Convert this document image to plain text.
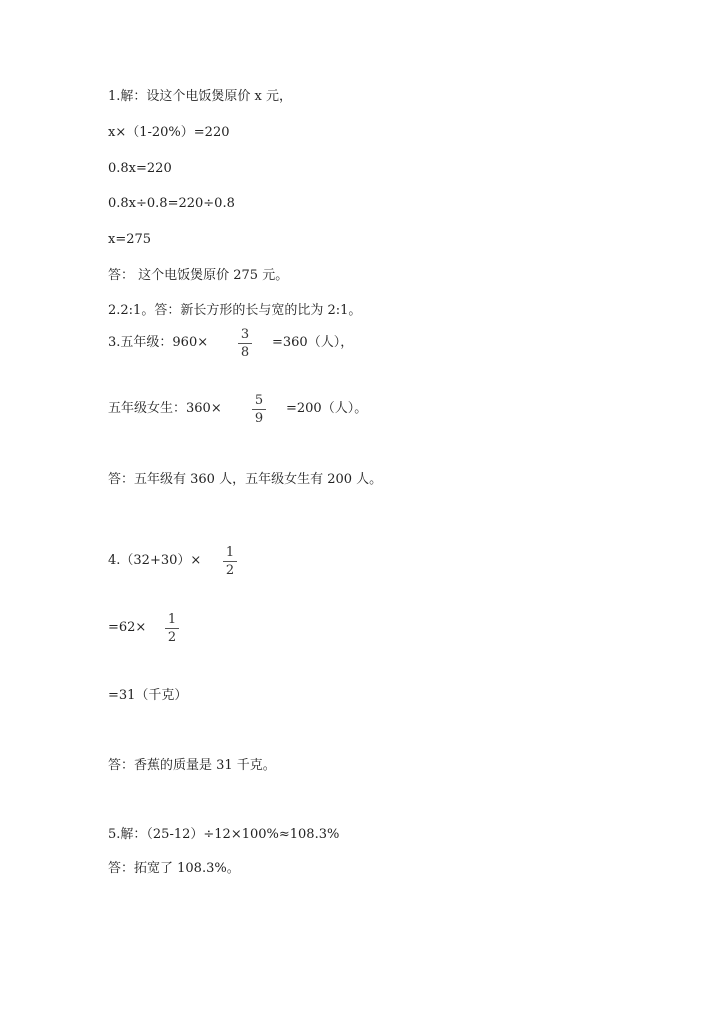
1.解：设这个电饭煲原价 x 元，
x×（1-20%）=220
0.8x=220
0.8x÷0.8=220÷0.8
x=275
答： 这个电饭煲原价 275 元。
2.2:1。答：新长方形的长与宽的比为 2:1。
3.五年级：960×
3
8
=360（人），
五年级女生：360×
5
9
=200（人）。
答：五年级有 360 人，五年级女生有 200 人。
4.（32+30）×
1
2
=62×
1
2
=31（千克）
答：香蕉的质量是 31 千克。
5.解：（25-12）÷12×100%≈108.3%
答：拓宽了 108.3%。
